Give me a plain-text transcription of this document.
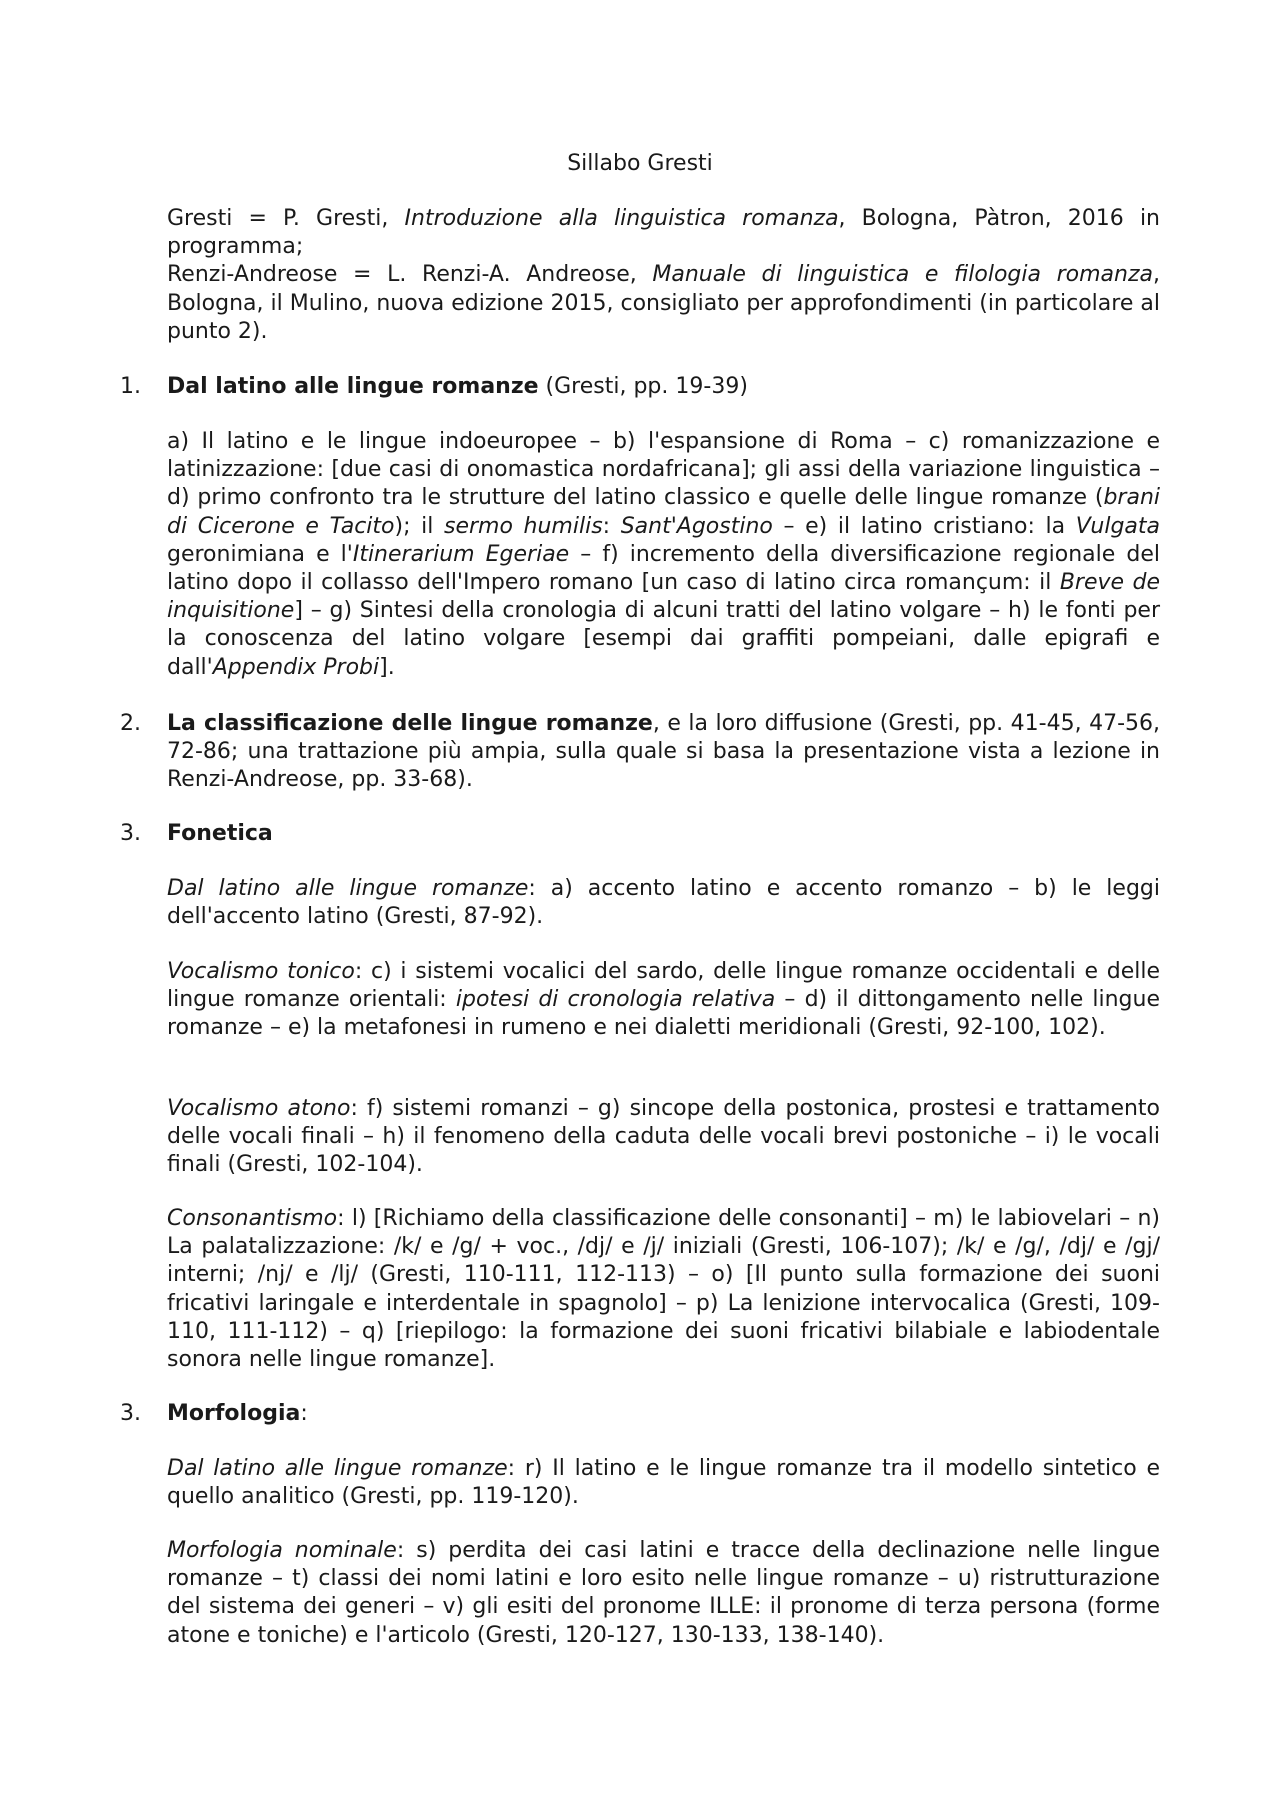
Sillabo Gresti

Gresti = P. Gresti, Introduzione alla linguistica romanza, Bologna, Pàtron, 2016 in programma;

Renzi-Andreose = L. Renzi-A. Andreose, Manuale di linguistica e filologia romanza, Bologna, il Mulino, nuova edizione 2015, consigliato per approfondimenti (in particolare al punto 2).

1. Dal latino alle lingue romanze (Gresti, pp. 19-39)

a) Il latino e le lingue indoeuropee – b) l'espansione di Roma – c) romanizzazione e latinizzazione: [due casi di onomastica nordafricana]; gli assi della variazione linguistica – d) primo confronto tra le strutture del latino classico e quelle delle lingue romanze (brani di Cicerone e Tacito); il sermo humilis: Sant'Agostino – e) il latino cristiano: la Vulgata geronimiana e l'Itinerarium Egeriae – f) incremento della diversificazione regionale del latino dopo il collasso dell'Impero romano [un caso di latino circa romançum: il Breve de inquisitione] – g) Sintesi della cronologia di alcuni tratti del latino volgare – h) le fonti per la conoscenza del latino volgare [esempi dai graffiti pompeiani, dalle epigrafi e dall'Appendix Probi].

2. La classificazione delle lingue romanze, e la loro diffusione (Gresti, pp. 41-45, 47-56, 72-86; una trattazione più ampia, sulla quale si basa la presentazione vista a lezione in Renzi-Andreose, pp. 33-68).

3. Fonetica

Dal latino alle lingue romanze: a) accento latino e accento romanzo – b) le leggi dell'accento latino (Gresti, 87-92).

Vocalismo tonico: c) i sistemi vocalici del sardo, delle lingue romanze occidentali e delle lingue romanze orientali: ipotesi di cronologia relativa – d) il dittongamento nelle lingue romanze – e) la metafonesi in rumeno e nei dialetti meridionali (Gresti, 92-100, 102).

Vocalismo atono: f) sistemi romanzi – g) sincope della postonica, prostesi e trattamento delle vocali finali – h) il fenomeno della caduta delle vocali brevi postoniche – i) le vocali finali (Gresti, 102-104).

Consonantismo: l) [Richiamo della classificazione delle consonanti] – m) le labiovelari – n) La palatalizzazione: /k/ e /g/ + voc., /dj/ e /j/ iniziali (Gresti, 106-107); /k/ e /g/, /dj/ e /gj/ interni; /nj/ e /lj/ (Gresti, 110-111, 112-113) – o) [Il punto sulla formazione dei suoni fricativi laringale e interdentale in spagnolo] – p) La lenizione intervocalica (Gresti, 109-110, 111-112) – q) [riepilogo: la formazione dei suoni fricativi bilabiale e labiodentale sonora nelle lingue romanze].

3. Morfologia:

Dal latino alle lingue romanze: r) Il latino e le lingue romanze tra il modello sintetico e quello analitico (Gresti, pp. 119-120).

Morfologia nominale: s) perdita dei casi latini e tracce della declinazione nelle lingue romanze – t) classi dei nomi latini e loro esito nelle lingue romanze – u) ristrutturazione del sistema dei generi – v) gli esiti del pronome ILLE: il pronome di terza persona (forme atone e toniche) e l'articolo (Gresti, 120-127, 130-133, 138-140).
